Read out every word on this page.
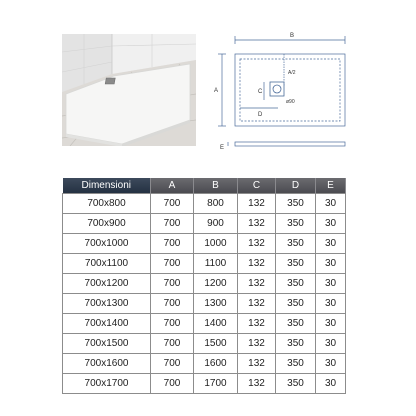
B
A
A/2
C
D
ø90
E
Dimensioni	A	B	C	D	E
700x800	700	800	132	350	30
700x900	700	900	132	350	30
700x1000	700	1000	132	350	30
700x1100	700	1100	132	350	30
700x1200	700	1200	132	350	30
700x1300	700	1300	132	350	30
700x1400	700	1400	132	350	30
700x1500	700	1500	132	350	30
700x1600	700	1600	132	350	30
700x1700	700	1700	132	350	30
